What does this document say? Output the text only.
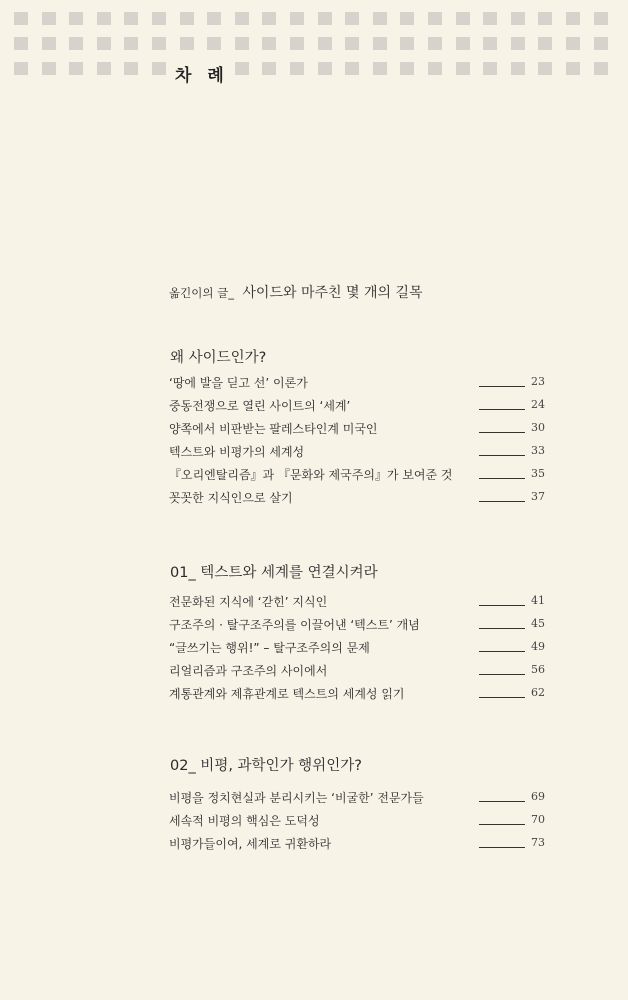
차 례
옮긴이의 글_ 사이드와 마주친 몇 개의 길목
왜 사이드인가?
‘땅에 발을 딛고 선’ 이론가	23
중동전쟁으로 열린 사이트의 ‘세계’	24
양쪽에서 비판받는 팔레스타인계 미국인	30
텍스트와 비평가의 세계성	33
『오리엔탈리즘』과 『문화와 제국주의』가 보여준 것	35
꼿꼿한 지식인으로 살기	37
01_ 텍스트와 세계를 연결시켜라
전문화된 지식에 ‘갇힌’ 지식인	41
구조주의 · 탈구조주의를 이끌어낸 ‘텍스트’ 개념	45
“글쓰기는 행위!” – 탈구조주의의 문제	49
리얼리즘과 구조주의 사이에서	56
계통관계와 제휴관계로 텍스트의 세계성 읽기	62
02_ 비평, 과학인가 행위인가?
비평을 정치현실과 분리시키는 ‘비굴한’ 전문가들	69
세속적 비평의 핵심은 도덕성	70
비평가들이여, 세계로 귀환하라	73
